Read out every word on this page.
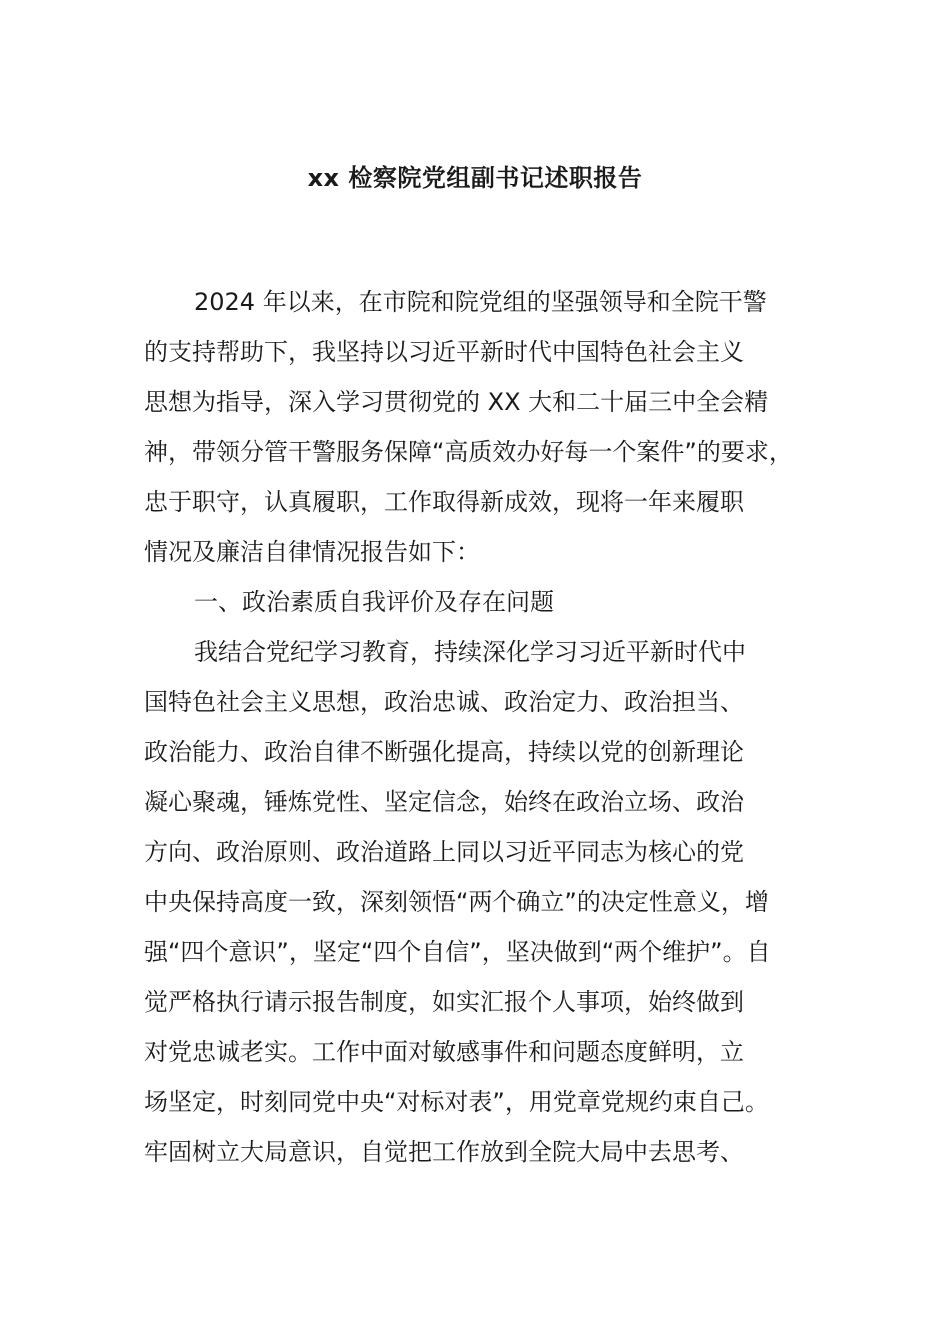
xx 检察院党组副书记述职报告
2024 年以来，在市院和院党组的坚强领导和全院干警
的支持帮助下，我坚持以习近平新时代中国特色社会主义
思想为指导，深入学习贯彻党的 XX 大和二十届三中全会精
神，带领分管干警服务保障“高质效办好每一个案件”的要求，
忠于职守，认真履职，工作取得新成效，现将一年来履职
情况及廉洁自律情况报告如下：
一、政治素质自我评价及存在问题
我结合党纪学习教育，持续深化学习习近平新时代中
国特色社会主义思想，政治忠诚、政治定力、政治担当、
政治能力、政治自律不断强化提高，持续以党的创新理论
凝心聚魂，锤炼党性、坚定信念，始终在政治立场、政治
方向、政治原则、政治道路上同以习近平同志为核心的党
中央保持高度一致，深刻领悟“两个确立”的决定性意义，增
强“四个意识”，坚定“四个自信”，坚决做到“两个维护”。自
觉严格执行请示报告制度，如实汇报个人事项，始终做到
对党忠诚老实。工作中面对敏感事件和问题态度鲜明，立
场坚定，时刻同党中央“对标对表”，用党章党规约束自己。
牢固树立大局意识，自觉把工作放到全院大局中去思考、
